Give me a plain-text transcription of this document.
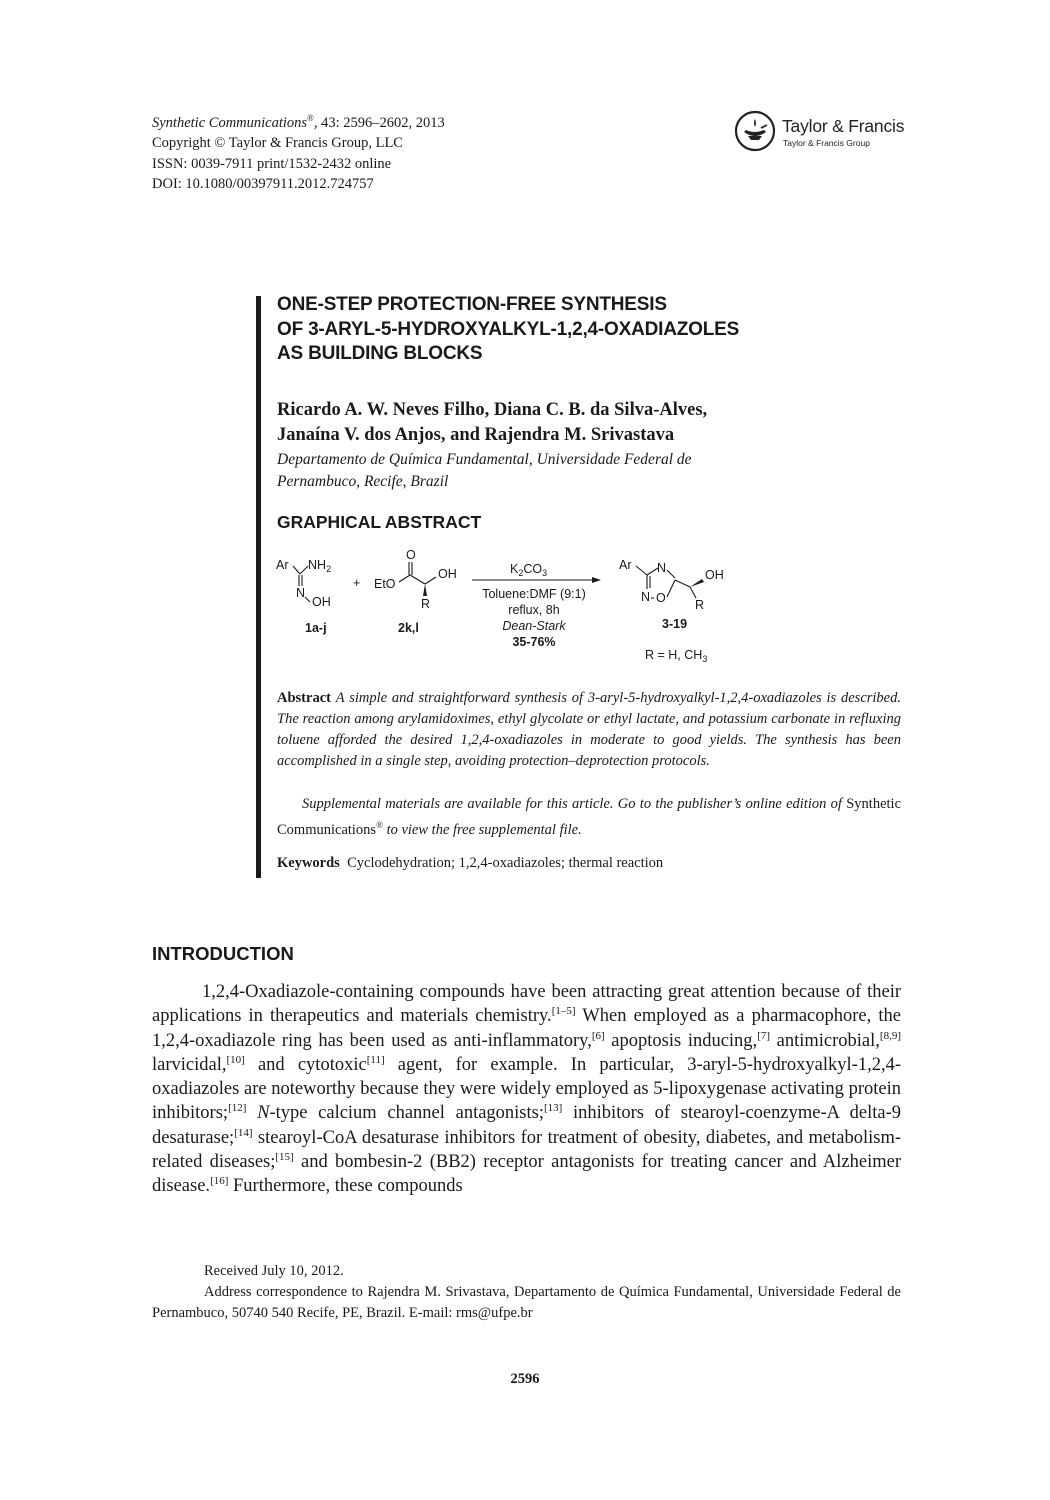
Synthetic Communications®, 43: 2596–2602, 2013
Copyright © Taylor & Francis Group, LLC
ISSN: 0039-7911 print/1532-2432 online
DOI: 10.1080/00397911.2012.724757
Taylor & Francis
Taylor & Francis Group
ONE-STEP PROTECTION-FREE SYNTHESIS
OF 3-ARYL-5-HYDROXYALKYL-1,2,4-OXADIAZOLES
AS BUILDING BLOCKS
Ricardo A. W. Neves Filho, Diana C. B. da Silva-Alves,
Janaína V. dos Anjos, and Rajendra M. Srivastava
Departamento de Química Fundamental, Universidade Federal de
Pernambuco, Recife, Brazil
GRAPHICAL ABSTRACT
Ar $NH_2$
N
OH
1a-j
+
O
EtO
OH
R
2k,l
$K_2CO_3$
Toluene:DMF (9:1)
reflux, 8h
Dean-Stark
35-76%
Ar N
N O
OH
R
3-19
R = H, $CH_3$

Abstract A simple and straightforward synthesis of 3-aryl-5-hydroxyalkyl-1,2,4-oxadiazoles is described. The reaction among arylamidoximes, ethyl glycolate or ethyl lactate, and potassium carbonate in refluxing toluene afforded the desired 1,2,4-oxadiazoles in moderate to good yields. The synthesis has been accomplished in a single step, avoiding protection–deprotection protocols.

Supplemental materials are available for this article. Go to the publisher’s online edition of Synthetic Communications® to view the free supplemental file.
Keywords Cyclodehydration; 1,2,4-oxadiazoles; thermal reaction
INTRODUCTION
1,2,4-Oxadiazole-containing compounds have been attracting great attention because of their applications in therapeutics and materials chemistry.[1–5] When employed as a pharmacophore, the 1,2,4-oxadiazole ring has been used as anti-inflammatory,[6] apoptosis inducing,[7] antimicrobial,[8,9] larvicidal,[10] and cytotoxic[11] agent, for example. In particular, 3-aryl-5-hydroxyalkyl-1,2,4-oxadiazoles are noteworthy because they were widely employed as 5-lipoxygenase activating protein inhibitors;[12] N-type calcium channel antagonists;[13] inhibitors of stearoyl-coenzyme-A delta-9 desaturase;[14] stearoyl-CoA desaturase inhibitors for treatment of obesity, diabetes, and metabolism-related diseases;[15] and bombesin-2 (BB2) receptor antagonists for treating cancer and Alzheimer disease.[16] Furthermore, these compounds

Received July 10, 2012.

Address correspondence to Rajendra M. Srivastava, Departamento de Química Fundamental, Universidade Federal de Pernambuco, 50740 540 Recife, PE, Brazil. E-mail: rms@ufpe.br

2596
